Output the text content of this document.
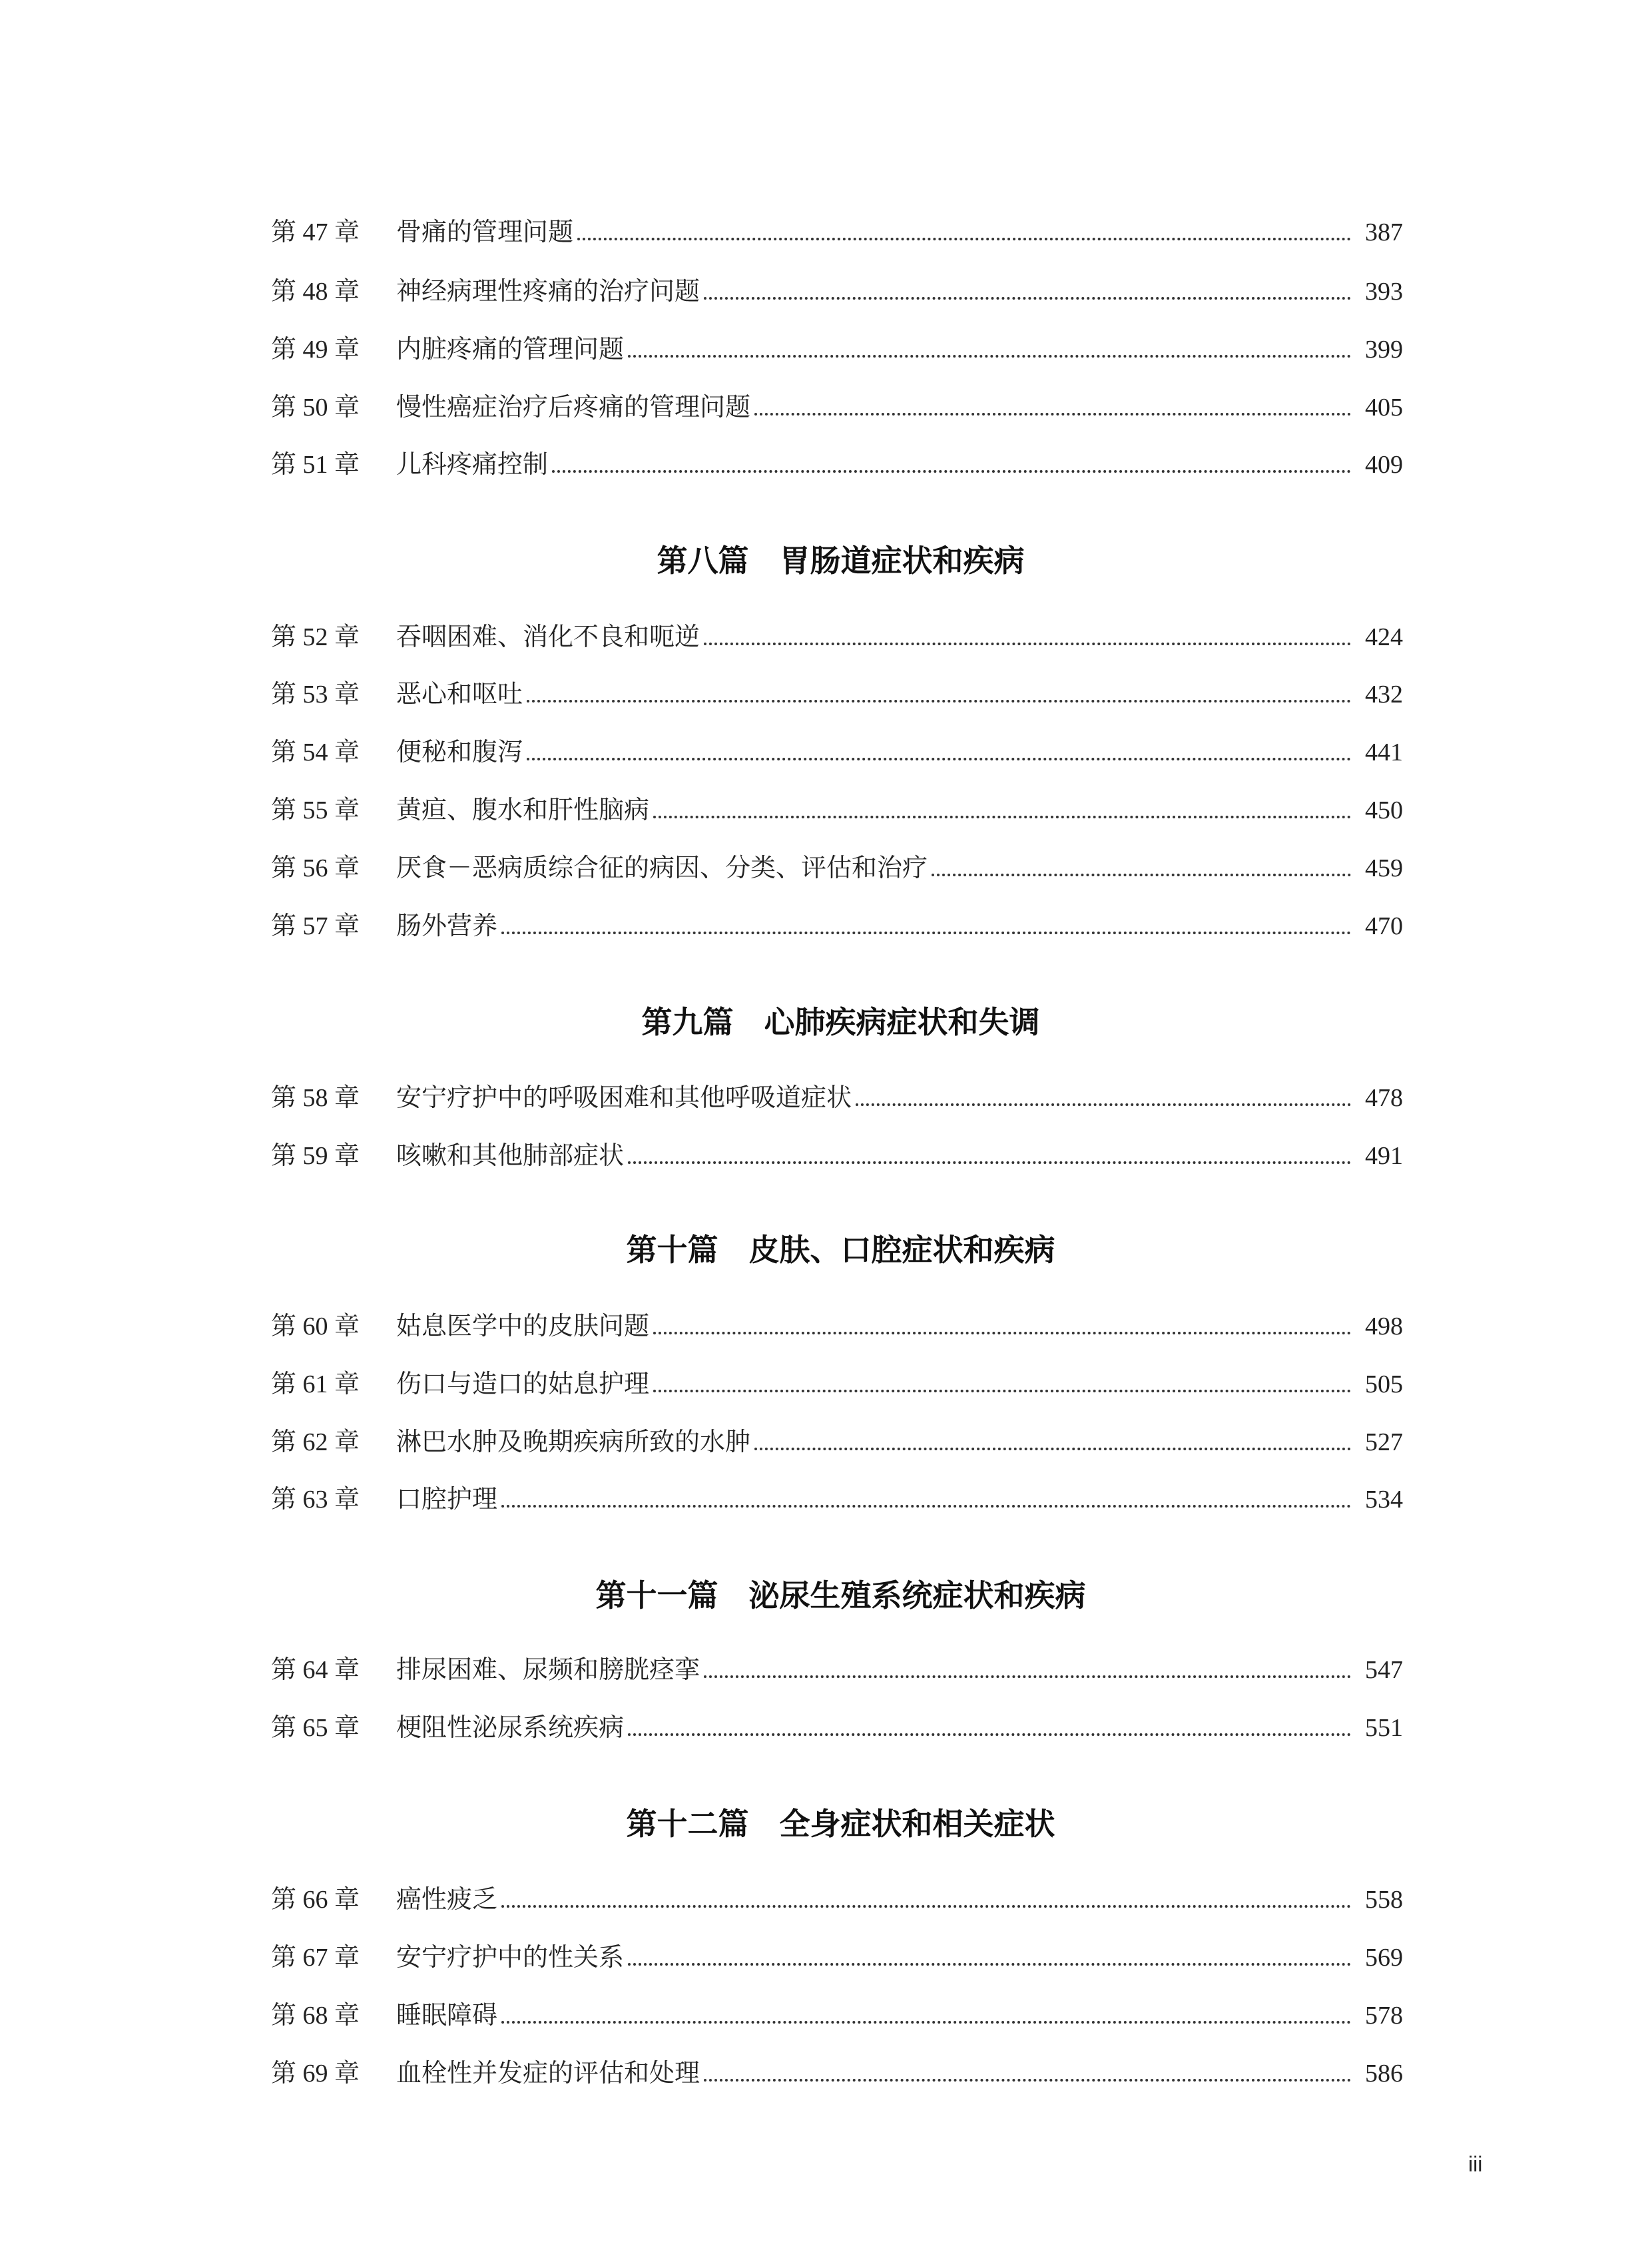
第 47 章	骨痛的管理问题	387
第 48 章	神经病理性疼痛的治疗问题	393
第 49 章	内脏疼痛的管理问题	399
第 50 章	慢性癌症治疗后疼痛的管理问题	405
第 51 章	儿科疼痛控制	409
第八篇 胃肠道症状和疾病
第 52 章	吞咽困难、消化不良和呃逆	424
第 53 章	恶心和呕吐	432
第 54 章	便秘和腹泻	441
第 55 章	黄疸、腹水和肝性脑病	450
第 56 章	厌食－恶病质综合征的病因、分类、评估和治疗	459
第 57 章	肠外营养	470
第九篇 心肺疾病症状和失调
第 58 章	安宁疗护中的呼吸困难和其他呼吸道症状	478
第 59 章	咳嗽和其他肺部症状	491
第十篇 皮肤、口腔症状和疾病
第 60 章	姑息医学中的皮肤问题	498
第 61 章	伤口与造口的姑息护理	505
第 62 章	淋巴水肿及晚期疾病所致的水肿	527
第 63 章	口腔护理	534
第十一篇 泌尿生殖系统症状和疾病
第 64 章	排尿困难、尿频和膀胱痉挛	547
第 65 章	梗阻性泌尿系统疾病	551
第十二篇 全身症状和相关症状
第 66 章	癌性疲乏	558
第 67 章	安宁疗护中的性关系	569
第 68 章	睡眠障碍	578
第 69 章	血栓性并发症的评估和处理	586
iii
